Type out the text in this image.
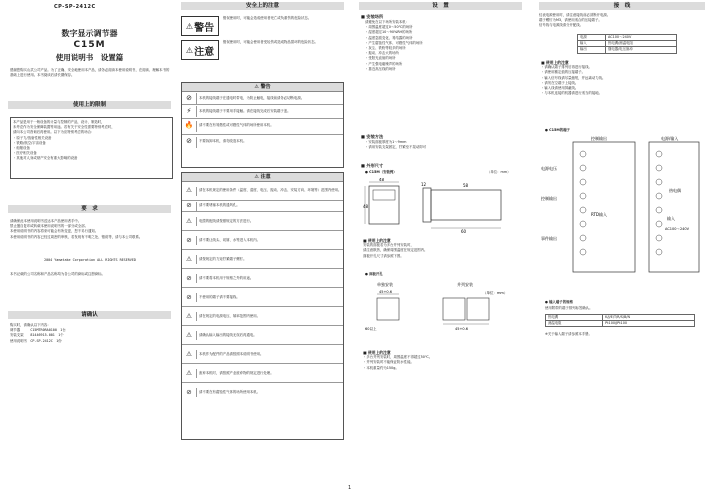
1
CP-SP-2412C
数字显示调节器
C15M
使用说明书　设置篇
感谢您购买山武公司产品。为了正确、安全地使用本产品，请务必阅读本使用说明书，在阅读、理解本书的基础上进行使用。本书阅读后请长期保存。
使用上的限制
本产品是用于一般设备的计量与控制的产品，设计、制造时，
未考虑作为安全保障装置等用途。若有关于安全性需要特别考虑时，
请向本公司咨询后再使用。以下为应特别考虑的场合：
・原子力/放射性相关设备
・铁路/航空/宇宙设备
・船舶设备
・医疗相关设备
・其他对人身或财产安全有重大影响的设备
要　求
请确保此本使用说明书送达本产品使用者手中。
禁止擅自复印或转载本使用说明书的一部分或全部。
本使用说明书的内容将来可能会有所变更，恕不另行通知。
本使用说明书的内容已经过周密的审核，若发现有不明之处、错误等，请与本公司联系。
2004 Yamatake Corporation ALL RIGHTS RESERVED
本书记载的公司名称和产品名称均为各公司的商标或注册商标。
请确认
购买时，请确认以下内容：
调节器　　　C15MTR0RA0100　1台
安装支架　　81446915-001　1个
使用说明书　CP-SP-2412C　1份
安全上的注意
⚠ 警告
错误使用时，可能会造成使用者死亡或负重伤的危险状态。
⚠ 注意
错误使用时，可能会使用者受轻伤或造成物品损坏的危险状态。
⚠ 警告
⊘	本机的接线端子在通电时带电，为防止触电，接线前请务必切断电源。
⚡	本机的接线端子不要用手接触。请在接线完成后安装端子盖。
🔥	请不要在有易燃性或可燃性气体的场所使用本机。
⊘	不要拆卸本机，请勿改造本机。
⚠ 注意
⚠	请在本机规定的使用条件（温度、湿度、电压、振动、冲击、安装方向、环境等）范围内使用。
⊘	请不要堵塞本机的通风孔。
⚠	电缆的配线请按照规定的方法进行。
⊘	请不要让线头、切屑、水等进入本机内。
⚠	请按规定的力矩拧紧端子螺钉。
⊘	请不要将本机用于规格之外的用途。
⊘	不使用的端子请不要接线。
⚠	请在规定的电源电压、频率范围内使用。
⚠	请确认输入输出的接线无误后再通电。
⚠	本机作为配件的产品请按照本说明书使用。
⚠	废弃本机时，请按照产业废弃物的规定进行处理。
⊘	请不要在有腐蚀性气体的场所使用本机。
设　置
■ 安装场所
请避免在以下场所安装本机：
・周围温度超过0～50℃的场所
・湿度超过10～90%RH的场所
・温度急剧变化、易结露的场所
・产生腐蚀性气体、可燃性气体的场所
・灰尘、铁粉等较多的场所
・振动、冲击大的场所
・受阳光直射的场所
・产生强电磁噪声的场所
・靠近高压线的场所
■ 安装方法
・安装面板厚度为1～9mm
・请用安装支架固定，拧紧至不晃动即可
■ 外形尺寸
● C15M（安装例）	（单位：mm）
48
48
60
58
12
■ 使用上的注意
安装的面板若为多台并列安装时，
请注意散热，确保周围温度在规定范围内。
面板开孔尺寸请参照下图。
● 面板开孔
单独安装	并列安装
（单位：mm）
45+0.6
60以上	45+0.6
■ 使用上的注意
・多台并列安装时，周围温度不得超过50℃。
・并列安装时不能保证防水性能。
・本机重量约为150g。
接　线
仪表电源使用时，请注意接线前必须断开电源。
端子螺钉为M3，请使用适合的压接端子。
信号线与电源线请分开配线。
电源	AC100～240V
输入	热电偶/测温电阻
输出	继电器/电压脉冲
■ 使用上的注意
・请确认端子排列后再进行接线。
・请使用额定值的压接端子。
・输入信号线请尽量缩短，并远离动力线。
・请勿在空端子上接线。
・输入线请使用屏蔽线。
・与本机连接的机器请进行适当的接地。
● C15M的端子
电源电压
控制输出
事件输出
控制输出	电源/输入
RTD输入
热电偶
输入
AC100～240V
● 输入端子的规格
使用附带的端子排列标签确认。
热电偶	K/J/E/T/R/S/B/N
测温电阻	Pt100/JPt100
※关于输入端子请参照本手册。
